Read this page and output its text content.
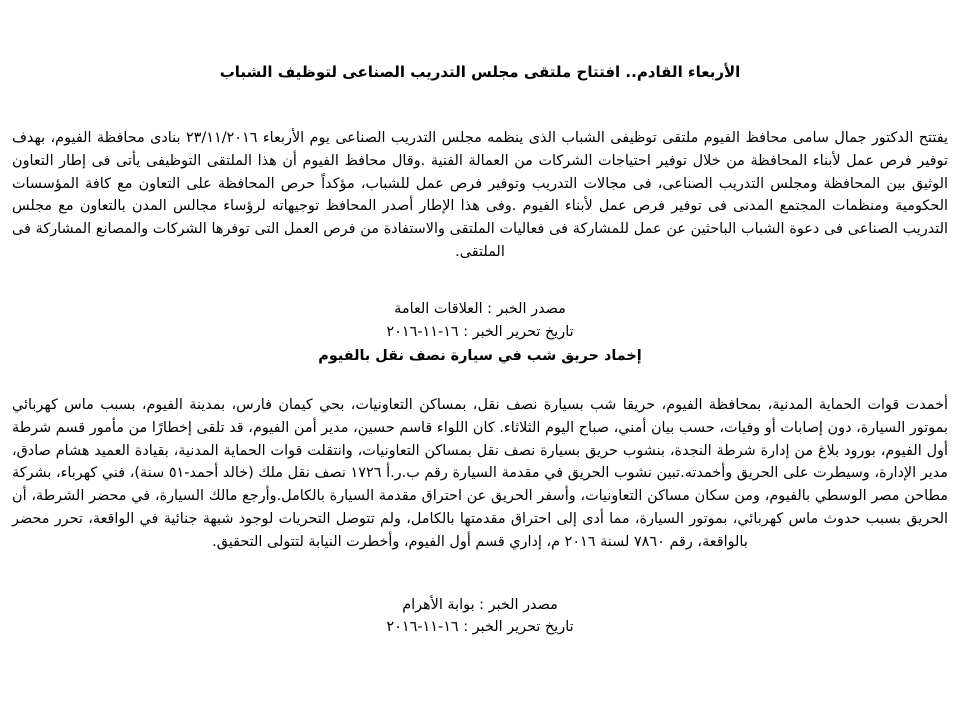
الأربعاء القادم.. افتتاح ملتقى مجلس التدريب الصناعى لتوظيف الشباب
يفتتح الدكتور جمال سامى محافظ الفيوم ملتقى توظيفى الشباب الذى ينظمه مجلس التدريب الصناعى يوم الأربعاء ٢٣/١١/٢٠١٦ بنادى محافظة الفيوم، بهدف توفير فرص عمل لأبناء المحافظة من خلال توفير احتياجات الشركات من العمالة الفنية .وقال محافظ الفيوم أن هذا الملتقى التوظيفى يأتى فى إطار التعاون الوثيق بين المحافظة ومجلس التدريب الصناعى، فى مجالات التدريب وتوفير فرص عمل للشباب، مؤكداً حرص المحافظة على التعاون مع كافة المؤسسات الحكومية ومنظمات المجتمع المدنى فى توفير فرص عمل لأبناء الفيوم .وفى هذا الإطار أصدر المحافظ توجيهاته لرؤساء مجالس المدن بالتعاون مع مجلس التدريب الصناعى فى دعوة الشباب الباحثين عن عمل للمشاركة فى فعاليات الملتقى والاستفادة من فرص العمل التى توفرها الشركات والمصانع المشاركة فى الملتقى.
مصدر الخبر : العلاقات العامة
تاريخ تحرير الخبر : ١٦-١١-٢٠١٦
إخماد حريق شب في سيارة نصف نقل بالفيوم
أخمدت قوات الحماية المدنية، بمحافظة الفيوم، حريقا شب بسيارة نصف نقل، بمساكن التعاونيات، بحي كيمان فارس، بمدينة الفيوم، بسبب ماس كهربائي بموتور السيارة، دون إصابات أو وفيات، حسب بيان أمني، صباح اليوم الثلاثاء. كان اللواء قاسم حسين، مدير أمن الفيوم، قد تلقى إخطارًا من مأمور قسم شرطة أول الفيوم، بورود بلاغ من إدارة شرطة النجدة، بنشوب حريق بسيارة نصف نقل بمساكن التعاونيات، وانتقلت قوات الحماية المدنية، بقيادة العميد هشام صادق، مدير الإدارة، وسيطرت على الحريق وأخمدته.تبين نشوب الحريق في مقدمة السيارة رقم ب.ر.أ ١٧٢٦ نصف نقل ملك (خالد أحمد-٥١ سنة)، فني كهرباء، بشركة مطاحن مصر الوسطي بالفيوم، ومن سكان مساكن التعاونيات، وأسفر الحريق عن احتراق مقدمة السيارة بالكامل.وأرجع مالك السيارة، في محضر الشرطة، أن الحريق بسبب حدوث ماس كهربائي، بموتور السيارة، مما أدى إلى احتراق مقدمتها بالكامل، ولم تتوصل التحريات لوجود شبهة جنائية في الواقعة، تحرر محضر بالواقعة، رقم ٧٨٦٠ لسنة ٢٠١٦ م، إداري قسم أول الفيوم، وأخطرت النيابة لتتولى التحقيق.
مصدر الخبر : بوابة الأهرام
تاريخ تحرير الخبر : ١٦-١١-٢٠١٦
